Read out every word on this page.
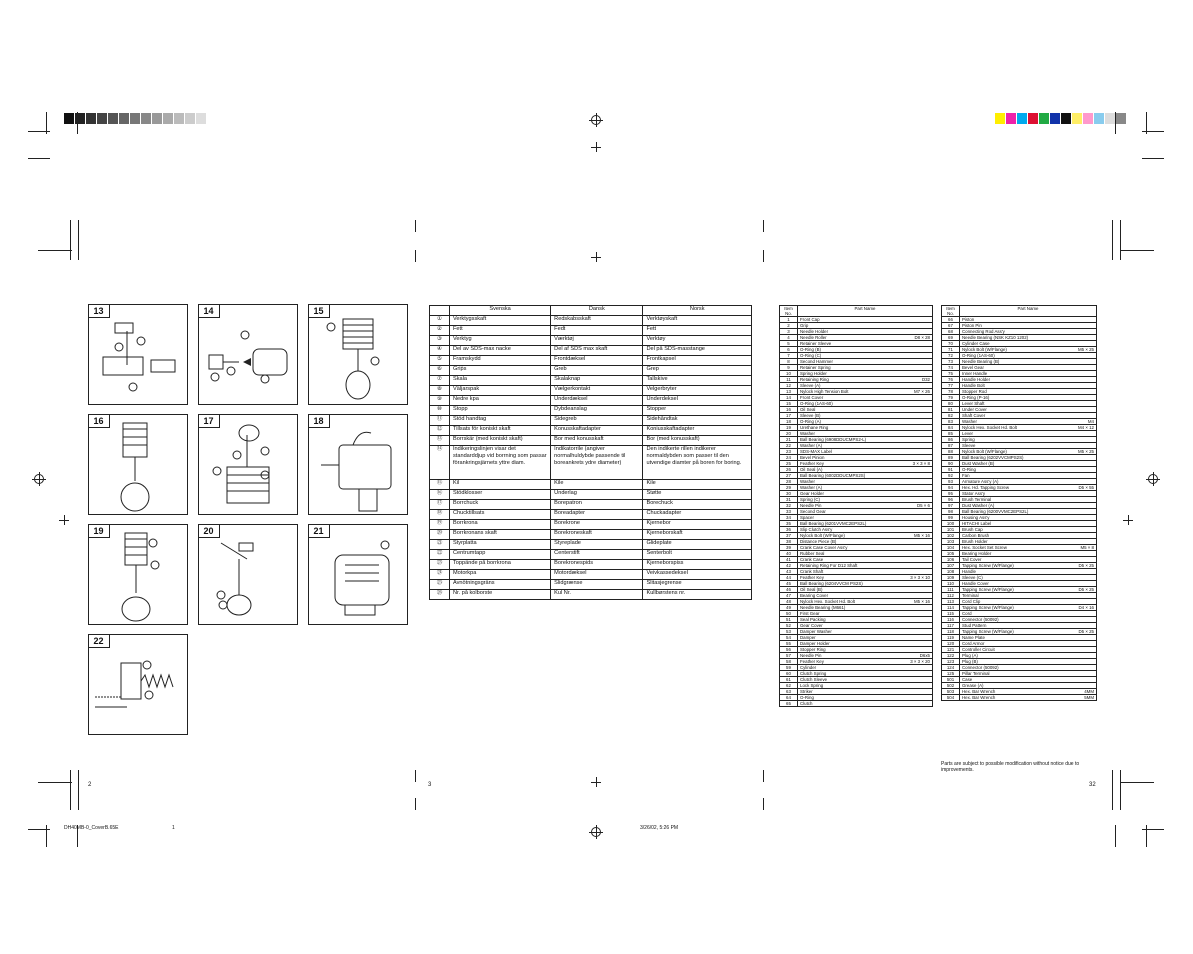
13	14	15
16	17	18
19	20	21
22
	Svenska	Dansk	Norsk
①	Verktygsskaft	Redskabsskaft	Verktøyskaft
②	Fett	Fedt	Fett
③	Verktyg	Værktøj	Verktøy
④	Del av SDS-max nacke	Del af SDS max skaft	Del på SDS-masstange
⑤	Framskydd	Frontdæksel	Frontkapsel
⑥	Grip̊s	Greb	Grep
⑦	Skala	Skalaknap	Tallskive
⑧	Väljarspak	Vælgerkontakt	Velgerbryter
⑨	Nedre kpa	Underdæksel	Underdeksel
⑩	Stopp	Dybdeanslag	Stopper
⑪	Stöd handtag	Sidegreb	Sidehåndtak
⑫	Tillsats för koniskt skaft	Konusskaftadapter	Koniusskaftadapter
⑬	Borrskär (med koniskt skaft)	Bor med konusskaft	Bor (med konusskaft)
⑭	Indikeringslinjen visar det standarddjup vid borrning som passar förankringsjärnets yttre diam.	Indikatorrile (angiver normalhuldybde passende til boreankrets ydre diameter)	Den indikerte rillen indikerer normaldybden som passer til den utvendige diamter på boren for boring.
⑮	Kil	Kile	Kile
⑯	Stödklosser	Underlag	Støtte
⑰	Borrchuck	Borepatron	Borechuck
⑱	Chucktillsats	Boreadapter	Chuckadapter
⑲	Borrkrona	Borekrone	Kjernebor
⑳	Borrkronans skaft	Borekroneskaft	Kjerneborskaft
㉑	Styrplatta	Styreplade	Glideplate
㉒	Centrumtapp	Centerstift	Senterbolt
㉓	Toppände på borrkrona	Borekronespids	Kjerneborspiss
㉔	Motorkpa	Motordæksel	Veivkassedeksel
㉕	Avnötningsgräns	Slidgrænse	Slitasjegrense
㉖	Nr. på kolborste	Kul Nr.	Kullbørstens nr.
Item No.	Part Name
1	Front Cap

2	Grip

3	Needle Holder

4	Needle Roller D8 × 28

5	Retainer Sleeve

6	O-Ring (B)

7	O-Ring (C)

8	Second Hammer

9	Retainer Spring

10	Spring Holder

11	Retaining Ring D32

12	Sleeve (A)

13	Nylock High Tension Bolt M7 × 26

14	Front Cover

15	O-Ring (1AS-60)

16	Oil Seal

17	Sleeve (B)

18	O-Ring (A)

19	Urethane Ring

20	Washer

21	Ball Bearing (6908DDUCMPS2-L)

22	Washer (A)

23	SDS-MAX Label

24	Bevel Pinion

25	Feather Key 3 × 3 × 8

26	Oil Seal (A)

27	Ball Bearing (6002DDUCMPS2S)

28	Washer

29	Washer (A)

30	Gear Holder

31	Spring (C)

32	Needle Pin D5 × 6

33	Second Gear

34	Spacer

35	Ball Bearing (6201VVMC2EPS2L)

36	Slip Clutch Ass'y

37	Nylock Bolt (W/Flange) M5 × 16

38	Distance Piece (B)

39	Crank Case Cover Ass'y

40	Rubber Seal

41	Crank Case

42	Retaining Ring For D12 Shaft

43	Crank Shaft

44	Feather Key 3 × 3 × 10

45	Ball Bearing (6204VVCM PS2S)

46	Oil Seal (B)

47	Bearing Cover

48	Nylock Hex. Socket Hd. Bolt M5 × 16

49	Needle Bearing (M661)

50	First Gear

51	Seal Packing

52	Gear Cover

53	Damper Washer

54	Damper

55	Damper Holder

56	Stopper Ring

57	Needle Pin D6x5

58	Feather Key 3 × 3 × 20

59	Cylinder

60	Clutch Spring

61	Clutch Sleeve

62	Lock Spring

63	Striker

64	O-Ring

65	Clutch
Item No.	Part Name
66	Piston

67	Piston Pin

68	Connecting Rod Ass'y

69	Needle Bearing (NSK KZ10 1202)

70	Cylinder Case

71	Nylock Bolt (W/Flange) M5 × 25

72	O-Ring (1AS-60)

73	Needle Bearing (B)

74	Bevel Gear

75	Inner Handle

76	Handle Holder

77	Handle Bolt

78	Stopper Rod

79	O-Ring (P-16)

80	Lever Shaft

81	Under Cover

82	Shaft Cover

83	Washer M4

84	Nylock Hex. Socket Hd. Bolt M4 × 12

85	Lever

86	Spring

87	Sleeve

88	Nylock Bolt (W/Flange) M5 × 25

89	Ball Bearing (6202VVCMPS2S)

90	Dust Washer (B)

91	O-Ring

92	Fan

93	Armature Ass'y (A)

94	Hex. Hd. Tapping Screw D5 × 55

95	Stator Ass'y

96	Brush Terminal

97	Dust Washer (A)

98	Ball Bearing (6200VVMC2EPS2L)

99	Housing Ass'y

100	HITACHI Label

101	Brush Cap

102	Carbon Brush

103	Brush Holder

104	Hex. Socket Set Screw M5 × 8

105	Bearing Holder

106	Tail Cover

107	Tapping Screw (W/Flange) D5 × 25

108	Handle

109	Sleeve (C)

110	Handle Cover

111	Tapping Screw (W/Flange) D5 × 25

112	Terminal

113	Cord Clip

114	Tapping Screw (W/Flange) D4 × 16

115	Cord

116	Connector (50092)

117	Stud Pattern

118	Tapping Screw (W/Flange) D5 × 25

119	Name Plate

120	Cord Armor

121	Controller Circuit

122	Plug (A)

123	Plug (B)

124	Connector (50092)

125	Pillar Terminal

501	Case

502	Grease (A)

503	Hex. Bar Wrench 4MM

504	Hex. Bar Wrench 5MM
Parts are subject to possible modification without notice due to improvements.
2	3	32
DH40MB-0_CoverB.65E	1	3/26/02, 5:26 PM
